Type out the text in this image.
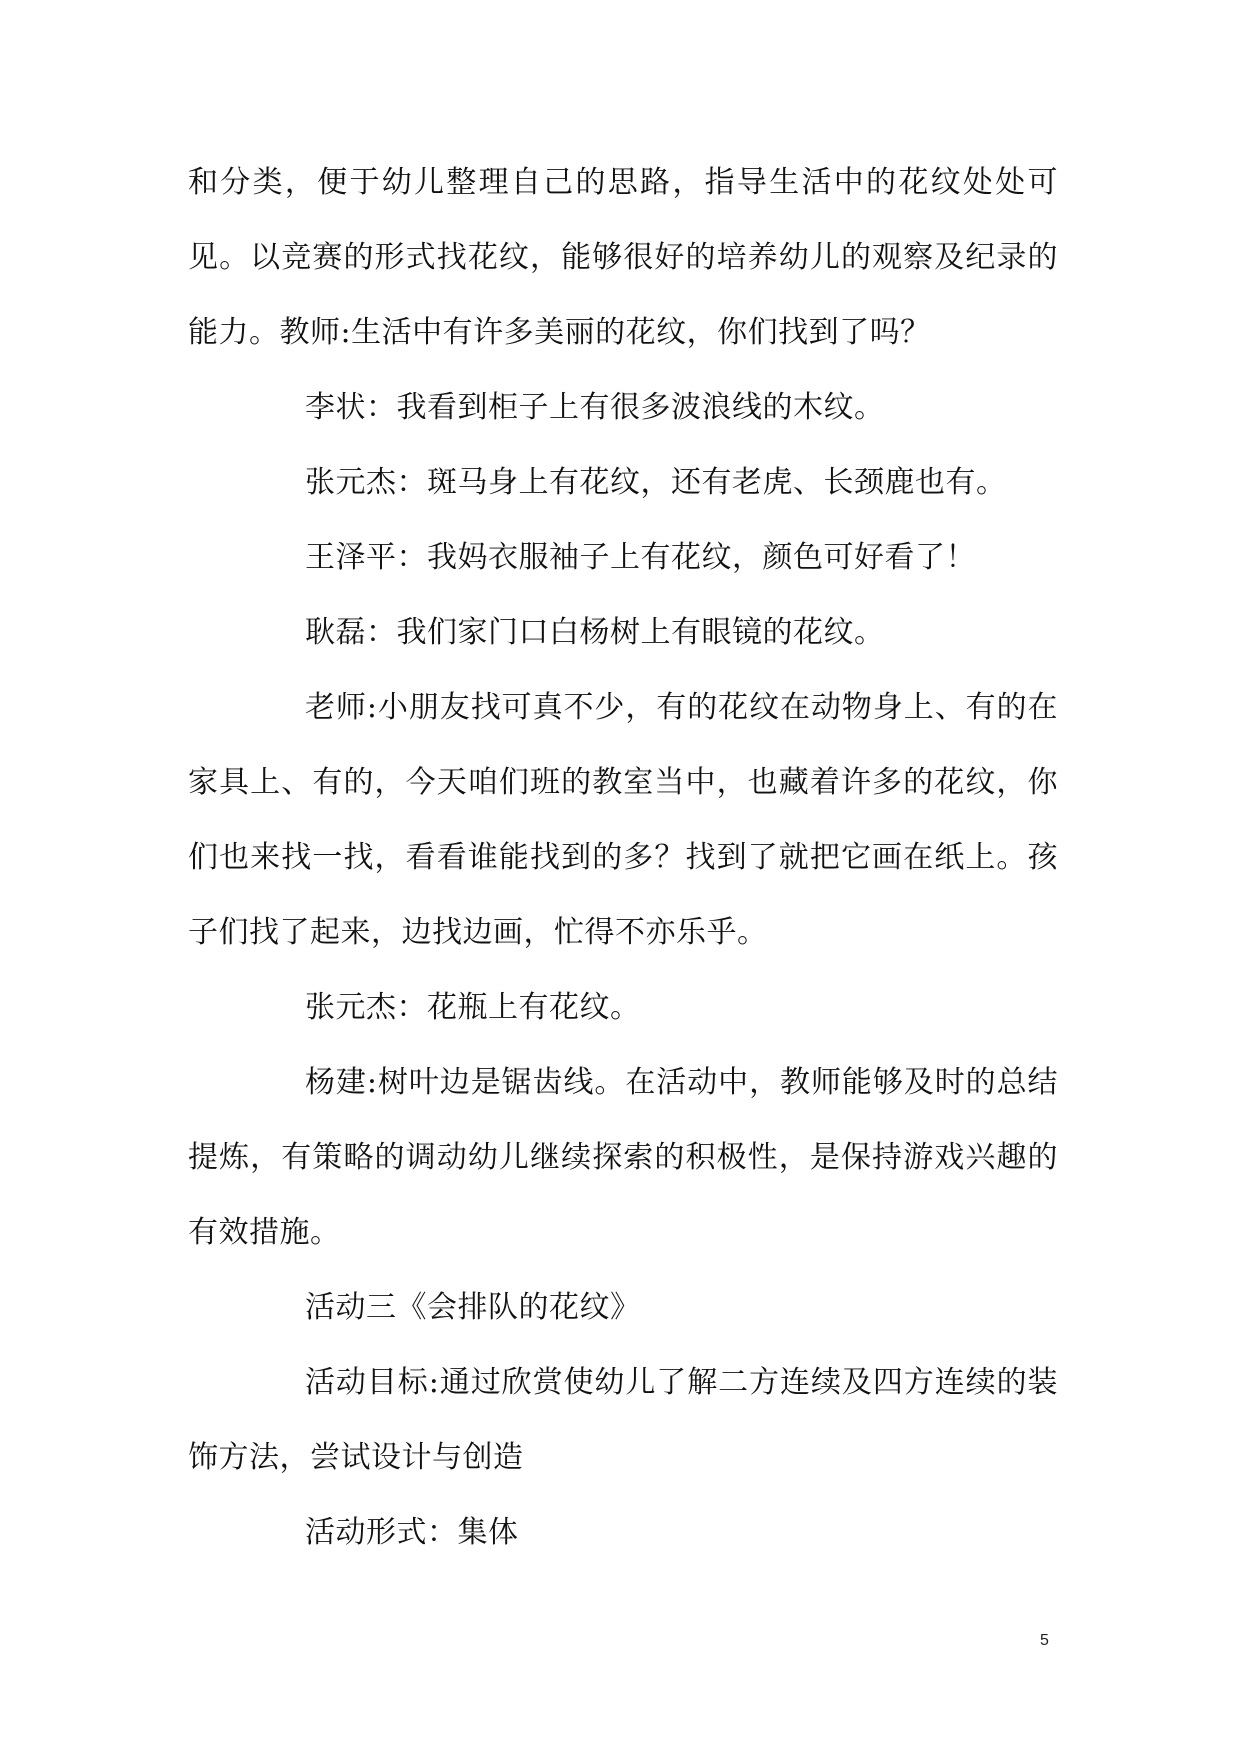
和分类，便于幼儿整理自己的思路，指导生活中的花纹处处可见。以竞赛的形式找花纹，能够很好的培养幼儿的观察及纪录的能力。教师:生活中有许多美丽的花纹，你们找到了吗？

李状：我看到柜子上有很多波浪线的木纹。

张元杰：斑马身上有花纹，还有老虎、长颈鹿也有。

王泽平：我妈衣服袖子上有花纹，颜色可好看了！

耿磊：我们家门口白杨树上有眼镜的花纹。

老师:小朋友找可真不少，有的花纹在动物身上、有的在家具上、有的，今天咱们班的教室当中，也藏着许多的花纹，你们也来找一找，看看谁能找到的多？找到了就把它画在纸上。孩子们找了起来，边找边画，忙得不亦乐乎。

张元杰：花瓶上有花纹。

杨建:树叶边是锯齿线。在活动中，教师能够及时的总结提炼，有策略的调动幼儿继续探索的积极性，是保持游戏兴趣的有效措施。

活动三《会排队的花纹》

活动目标:通过欣赏使幼儿了解二方连续及四方连续的装饰方法，尝试设计与创造

活动形式：集体

5
